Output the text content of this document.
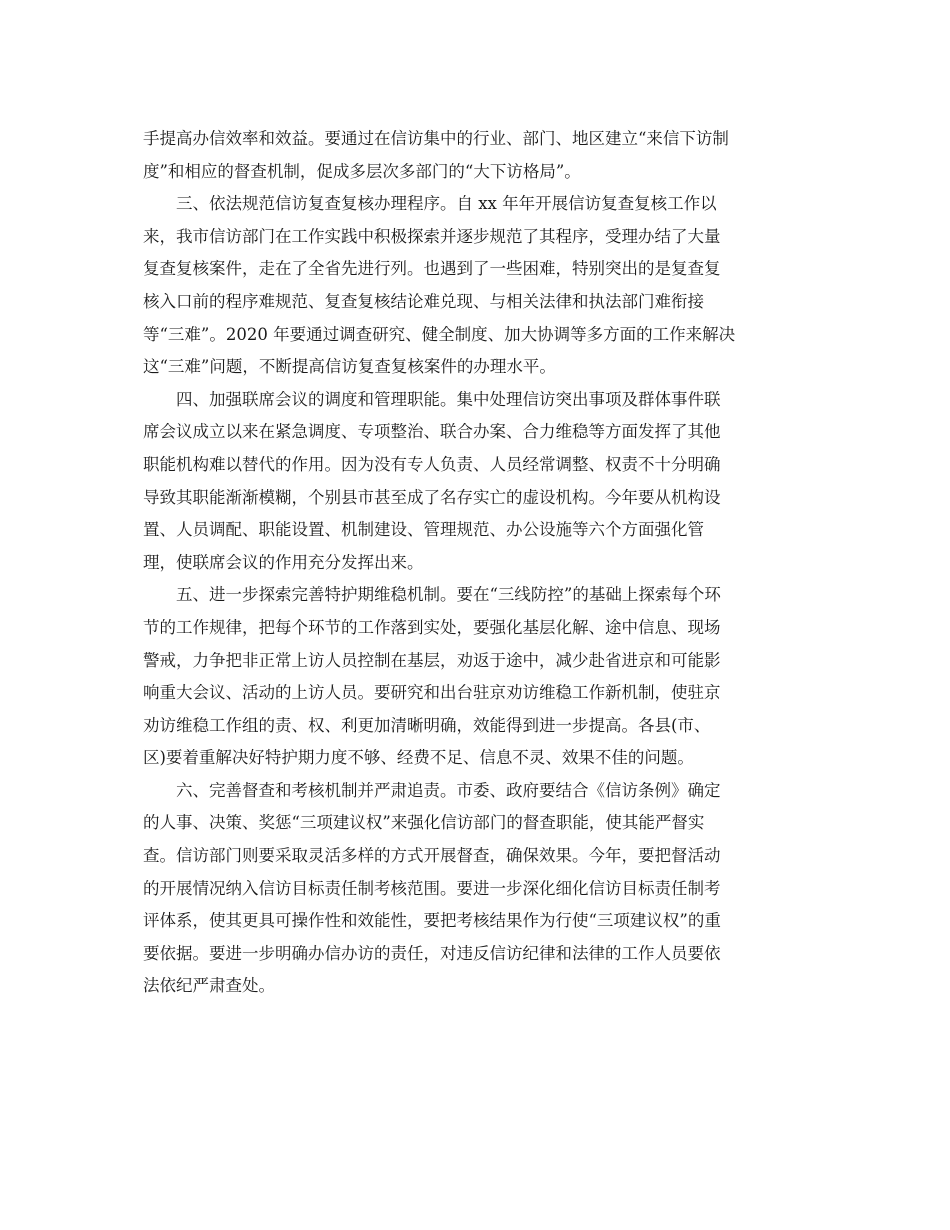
手提高办信效率和效益。要通过在信访集中的行业、部门、地区建立“来信下访制
度”和相应的督查机制，促成多层次多部门的“大下访格局”。
三、依法规范信访复查复核办理程序。自 xx 年年开展信访复查复核工作以
来，我市信访部门在工作实践中积极探索并逐步规范了其程序，受理办结了大量
复查复核案件，走在了全省先进行列。也遇到了一些困难，特别突出的是复查复
核入口前的程序难规范、复查复核结论难兑现、与相关法律和执法部门难衔接
等“三难”。2020 年要通过调查研究、健全制度、加大协调等多方面的工作来解决
这“三难”问题，不断提高信访复查复核案件的办理水平。
四、加强联席会议的调度和管理职能。集中处理信访突出事项及群体事件联
席会议成立以来在紧急调度、专项整治、联合办案、合力维稳等方面发挥了其他
职能机构难以替代的作用。因为没有专人负责、人员经常调整、权责不十分明确
导致其职能渐渐模糊，个别县市甚至成了名存实亡的虚设机构。今年要从机构设
置、人员调配、职能设置、机制建设、管理规范、办公设施等六个方面强化管
理，使联席会议的作用充分发挥出来。
五、进一步探索完善特护期维稳机制。要在“三线防控”的基础上探索每个环
节的工作规律，把每个环节的工作落到实处，要强化基层化解、途中信息、现场
警戒，力争把非正常上访人员控制在基层，劝返于途中，减少赴省进京和可能影
响重大会议、活动的上访人员。要研究和出台驻京劝访维稳工作新机制，使驻京
劝访维稳工作组的责、权、利更加清晰明确，效能得到进一步提高。各县(市、
区)要着重解决好特护期力度不够、经费不足、信息不灵、效果不佳的问题。
六、完善督查和考核机制并严肃追责。市委、政府要结合《信访条例》确定
的人事、决策、奖惩“三项建议权”来强化信访部门的督查职能，使其能严督实
查。信访部门则要采取灵活多样的方式开展督查，确保效果。今年，要把督活动
的开展情况纳入信访目标责任制考核范围。要进一步深化细化信访目标责任制考
评体系，使其更具可操作性和效能性，要把考核结果作为行使“三项建议权”的重
要依据。要进一步明确办信办访的责任，对违反信访纪律和法律的工作人员要依
法依纪严肃查处。
